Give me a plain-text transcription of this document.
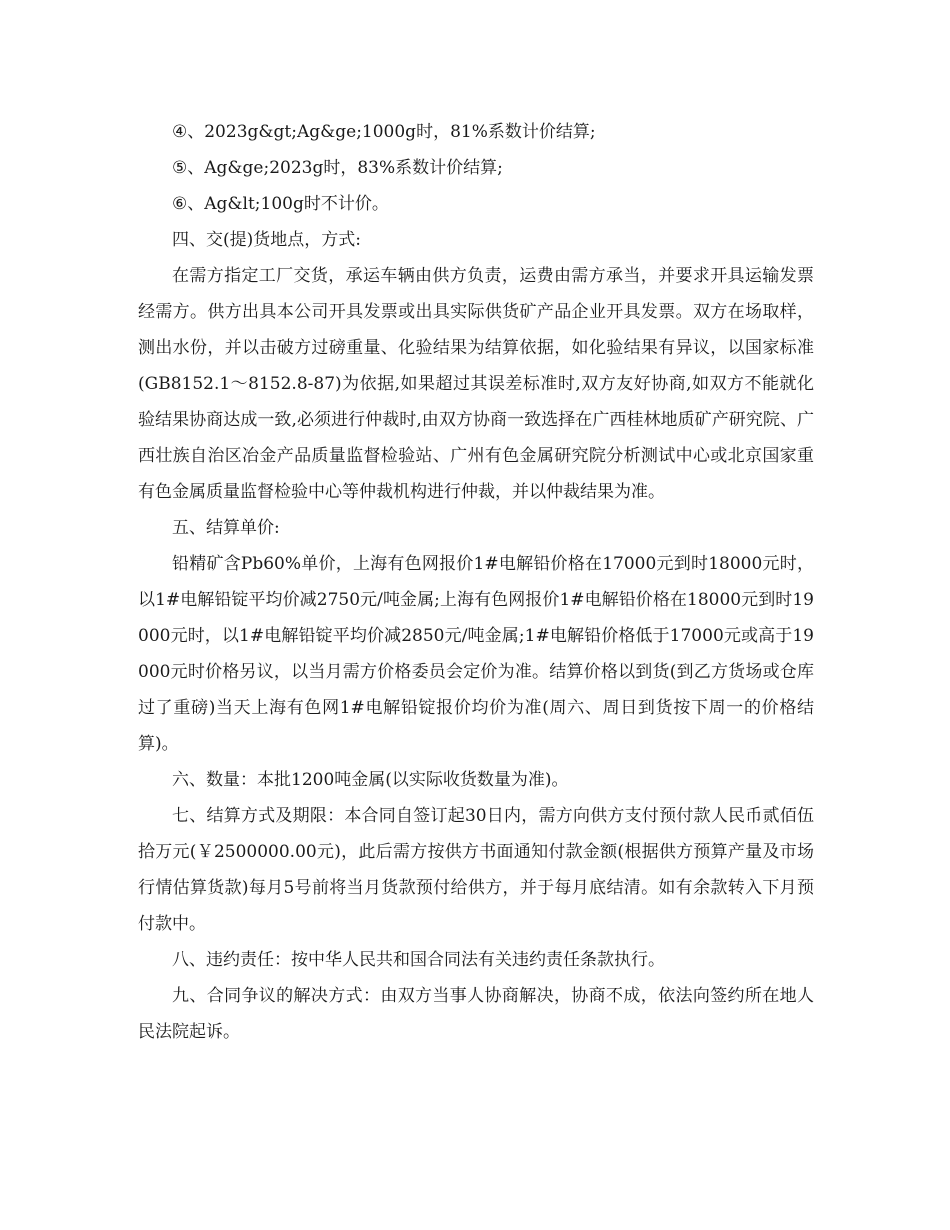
④、2023g&gt;Ag&ge;1000g时，81%系数计价结算;

⑤、Ag&ge;2023g时，83%系数计价结算;

⑥、Ag&lt;100g时不计价。

四、交(提)货地点，方式:

在需方指定工厂交货，承运车辆由供方负责，运费由需方承当，并要求开具运输发票经需方。供方出具本公司开具发票或出具实际供货矿产品企业开具发票。双方在场取样，测出水份，并以击破方过磅重量、化验结果为结算依据，如化验结果有异议，以国家标准(GB8152.1～8152.8-87)为依据,如果超过其误差标准时,双方友好协商,如双方不能就化验结果协商达成一致,必须进行仲裁时,由双方协商一致选择在广西桂林地质矿产研究院、广西壮族自治区冶金产品质量监督检验站、广州有色金属研究院分析测试中心或北京国家重有色金属质量监督检验中心等仲裁机构进行仲裁，并以仲裁结果为准。

五、结算单价:

铅精矿含Pb60%单价，上海有色网报价1#电解铅价格在17000元到时18000元时，以1#电解铅锭平均价减2750元/吨金属;上海有色网报价1#电解铅价格在18000元到时19000元时，以1#电解铅锭平均价减2850元/吨金属;1#电解铅价格低于17000元或高于19000元时价格另议，以当月需方价格委员会定价为准。结算价格以到货(到乙方货场或仓库过了重磅)当天上海有色网1#电解铅锭报价均价为准(周六、周日到货按下周一的价格结算)。

六、数量：本批1200吨金属(以实际收货数量为准)。

七、结算方式及期限：本合同自签订起30日内，需方向供方支付预付款人民币贰佰伍拾万元(￥2500000.00元)，此后需方按供方书面通知付款金额(根据供方预算产量及市场行情估算货款)每月5号前将当月货款预付给供方，并于每月底结清。如有余款转入下月预付款中。

八、违约责任：按中华人民共和国合同法有关违约责任条款执行。

九、合同争议的解决方式：由双方当事人协商解决，协商不成，依法向签约所在地人民法院起诉。
